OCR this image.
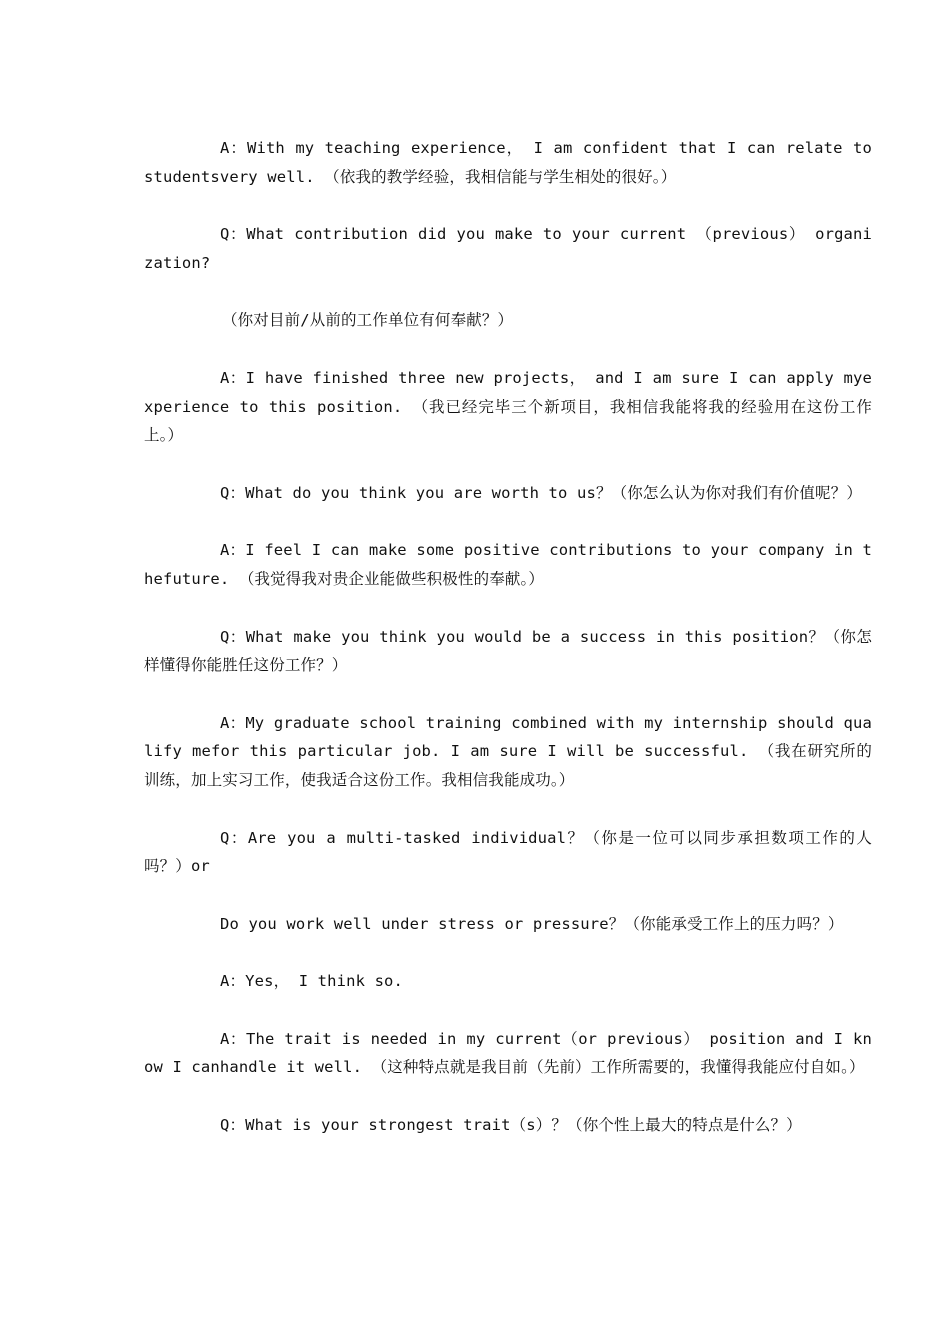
A：With my teaching experience， I am confident that I can relate to studentsvery well. （依我的教学经验，我相信能与学生相处的很好。）

Q：What contribution did you make to your current （previous） organization?

（你对目前/从前的工作单位有何奉献？）

A：I have finished three new projects， and I am sure I can apply myexperience to this position. （我已经完毕三个新项目，我相信我能将我的经验用在这份工作上。）

Q：What do you think you are worth to us？（你怎么认为你对我们有价值呢？）

A：I feel I can make some positive contributions to your company in thefuture. （我觉得我对贵企业能做些积极性的奉献。）

Q：What make you think you would be a success in this position？（你怎样懂得你能胜任这份工作？）

A：My graduate school training combined with my internship should qualify mefor this particular job. I am sure I will be successful. （我在研究所的训练，加上实习工作，使我适合这份工作。我相信我能成功。）

Q：Are you a multi-tasked individual？（你是一位可以同步承担数项工作的人吗？）or

Do you work well under stress or pressure？（你能承受工作上的压力吗？）

A：Yes， I think so.

A：The trait is needed in my current（or previous） position and I know I canhandle it well. （这种特点就是我目前（先前）工作所需要的，我懂得我能应付自如。）

Q：What is your strongest trait（s）？（你个性上最大的特点是什么？）
